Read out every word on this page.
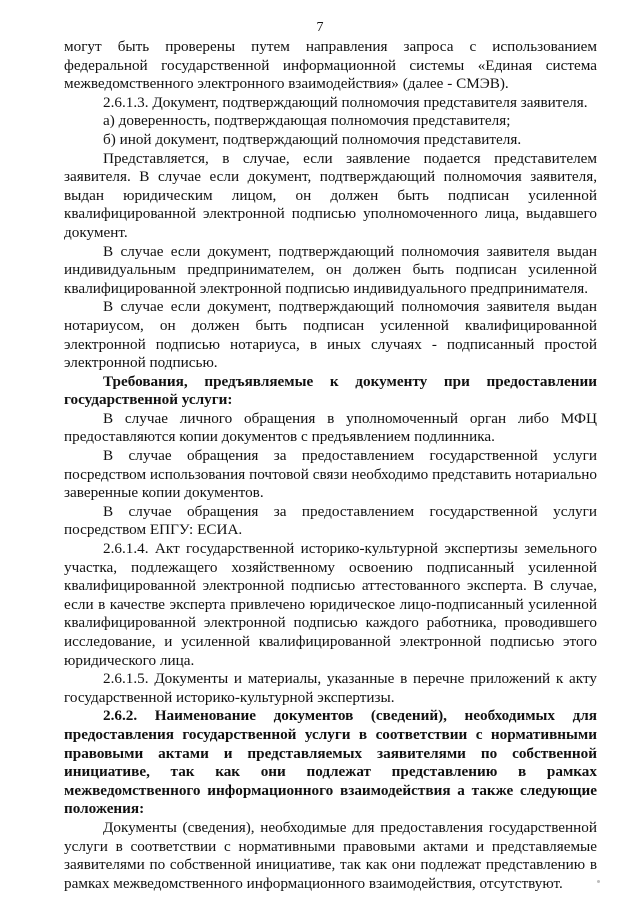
7

могут быть проверены путем направления запроса с использованием федеральной государственной информационной системы «Единая система межведомственного электронного взаимодействия» (далее - СМЭВ).

2.6.1.3. Документ, подтверждающий полномочия представителя заявителя.

а) доверенность, подтверждающая полномочия представителя;

б) иной документ, подтверждающий полномочия представителя.

Представляется, в случае, если заявление подается представителем заявителя. В случае если документ, подтверждающий полномочия заявителя, выдан юридическим лицом, он должен быть подписан усиленной квалифицированной электронной подписью уполномоченного лица, выдавшего документ.

В случае если документ, подтверждающий полномочия заявителя выдан индивидуальным предпринимателем, он должен быть подписан усиленной квалифицированной электронной подписью индивидуального предпринимателя.

В случае если документ, подтверждающий полномочия заявителя выдан нотариусом, он должен быть подписан усиленной квалифицированной электронной подписью нотариуса, в иных случаях - подписанный простой электронной подписью.

Требования, предъявляемые к документу при предоставлении государственной услуги:

В случае личного обращения в уполномоченный орган либо МФЦ предоставляются копии документов с предъявлением подлинника.

В случае обращения за предоставлением государственной услуги посредством использования почтовой связи необходимо представить нотариально заверенные копии документов.

В случае обращения за предоставлением государственной услуги посредством ЕПГУ: ЕСИА.

2.6.1.4. Акт государственной историко-культурной экспертизы земельного участка, подлежащего хозяйственному освоению подписанный усиленной квалифицированной электронной подписью аттестованного эксперта. В случае, если в качестве эксперта привлечено юридическое лицо-подписанный усиленной квалифицированной электронной подписью каждого работника, проводившего исследование, и усиленной квалифицированной электронной подписью этого юридического лица.

2.6.1.5. Документы и материалы, указанные в перечне приложений к акту государственной историко-культурной экспертизы.

2.6.2. Наименование документов (сведений), необходимых для предоставления государственной услуги в соответствии с нормативными правовыми актами и представляемых заявителями по собственной инициативе, так как они подлежат представлению в рамках межведомственного информационного взаимодействия а также следующие положения:

Документы (сведения), необходимые для предоставления государственной услуги в соответствии с нормативными правовыми актами и представляемые заявителями по собственной инициативе, так как они подлежат представлению в рамках межведомственного информационного взаимодействия, отсутствуют.
